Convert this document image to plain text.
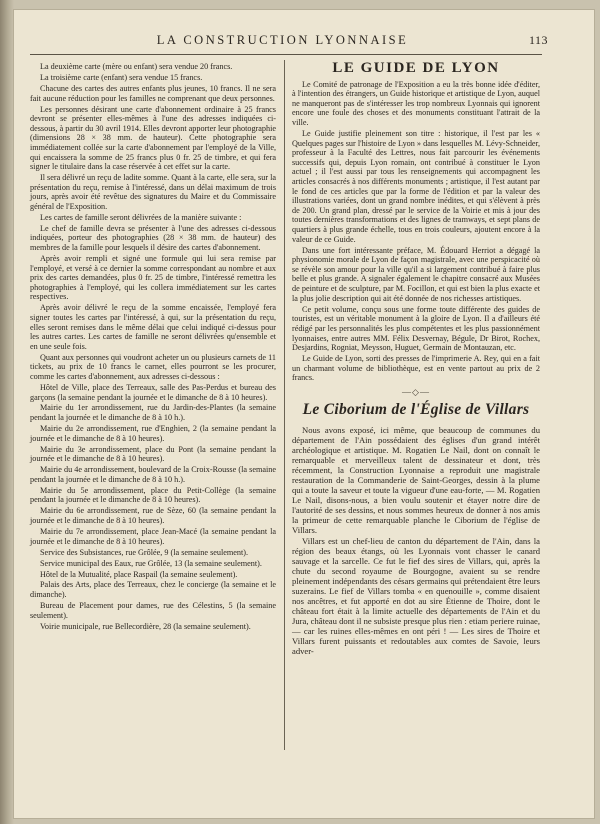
LA CONSTRUCTION LYONNAISE	113

La deuxième carte (mère ou enfant) sera vendue 20 francs.

La troisième carte (enfant) sera vendue 15 francs.

Chacune des cartes des autres enfants plus jeunes, 10 francs. Il ne sera fait aucune réduction pour les familles ne comprenant que deux personnes.

Les personnes désirant une carte d'abonnement ordinaire à 25 francs devront se présenter elles-mêmes à l'une des adresses indiquées ci-dessous, à partir du 30 avril 1914. Elles devront apporter leur photographie (dimensions 28 × 38 mm. de hauteur). Cette photographie sera immédiatement collée sur la carte d'abonnement par l'employé de la Ville, qui encaissera la somme de 25 francs plus 0 fr. 25 de timbre, et qui fera signer le titulaire dans la case réservée à cet effet sur la carte.

Il sera délivré un reçu de ladite somme. Quant à la carte, elle sera, sur la présentation du reçu, remise à l'intéressé, dans un délai maximum de trois jours, après avoir été revêtue des signatures du Maire et du Commissaire général de l'Exposition.

Les cartes de famille seront délivrées de la manière suivante :

Le chef de famille devra se présenter à l'une des adresses ci-dessous indiquées, porteur des photographies (28 × 38 mm. de hauteur) des membres de la famille pour lesquels il désire des cartes d'abonnement.

Après avoir rempli et signé une formule qui lui sera remise par l'employé, et versé à ce dernier la somme correspondant au nombre et aux prix des cartes demandées, plus 0 fr. 25 de timbre, l'intéressé remettra les photographies à l'employé, qui les collera immédiatement sur les cartes respectives.

Après avoir délivré le reçu de la somme encaissée, l'employé fera signer toutes les cartes par l'intéressé, à qui, sur la présentation du reçu, elles seront remises dans le même délai que celui indiqué ci-dessus pour les autres cartes. Les cartes de famille ne seront délivrées qu'ensemble et en une seule fois.

Quant aux personnes qui voudront acheter un ou plusieurs carnets de 11 tickets, au prix de 10 francs le carnet, elles pourront se les procurer, comme les cartes d'abonnement, aux adresses ci-dessous :

Hôtel de Ville, place des Terreaux, salle des Pas-Perdus et bureau des garçons (la semaine pendant la journée et le dimanche de 8 à 10 heures).

Mairie du 1er arrondissement, rue du Jardin-des-Plantes (la semaine pendant la journée et le dimanche de 8 à 10 h.).

Mairie du 2e arrondissement, rue d'Enghien, 2 (la semaine pendant la journée et le dimanche de 8 à 10 heures).

Mairie du 3e arrondissement, place du Pont (la semaine pendant la journée et le dimanche de 8 à 10 heures).

Mairie du 4e arrondissement, boulevard de la Croix-Rousse (la semaine pendant la journée et le dimanche de 8 à 10 h.).

Mairie du 5e arrondissement, place du Petit-Collège (la semaine pendant la journée et le dimanche de 8 à 10 heures).

Mairie du 6e arrondissement, rue de Sèze, 60 (la semaine pendant la journée et le dimanche de 8 à 10 heures).

Mairie du 7e arrondissement, place Jean-Macé (la semaine pendant la journée et le dimanche de 8 à 10 heures).

Service des Subsistances, rue Grôlée, 9 (la semaine seulement).

Service municipal des Eaux, rue Grôlée, 13 (la semaine seulement).

Hôtel de la Mutualité, place Raspail (la semaine seulement).

Palais des Arts, place des Terreaux, chez le concierge (la semaine et le dimanche).

Bureau de Placement pour dames, rue des Célestins, 5 (la semaine seulement).

Voirie municipale, rue Bellecordière, 28 (la semaine seulement).

LE GUIDE DE LYON

Le Comité de patronage de l'Exposition a eu la très bonne idée d'éditer, à l'intention des étrangers, un Guide historique et artistique de Lyon, auquel ne manqueront pas de s'intéresser les trop nombreux Lyonnais qui ignorent encore une foule des choses et des monuments constituant l'attrait de la ville.

Le Guide justifie pleinement son titre : historique, il l'est par les « Quelques pages sur l'histoire de Lyon » dans lesquelles M. Lévy-Schneider, professeur à la Faculté des Lettres, nous fait parcourir les événements successifs qui, depuis Lyon romain, ont contribué à constituer le Lyon actuel ; il l'est aussi par tous les renseignements qui accompagnent les articles consacrés à nos différents monuments ; artistique, il l'est autant par le fond de ces articles que par la forme de l'édition et par la valeur des illustrations variées, dont un grand nombre inédites, et qui s'élèvent à près de 200. Un grand plan, dressé par le service de la Voirie et mis à jour des toutes dernières transformations et des lignes de tramways, et sept plans de quartiers à plus grande échelle, tous en trois couleurs, ajoutent encore à la valeur de ce Guide.

Dans une fort intéressante préface, M. Édouard Herriot a dégagé la physionomie morale de Lyon de façon magistrale, avec une perspicacité où se révèle son amour pour la ville qu'il a si largement contribué à faire plus belle et plus grande. A signaler également le chapitre consacré aux Musées de peinture et de sculpture, par M. Focillon, et qui est bien la plus exacte et la plus jolie description qui ait été donnée de nos richesses artistiques.

Ce petit volume, conçu sous une forme toute différente des guides de touristes, est un véritable monument à la gloire de Lyon. Il a d'ailleurs été rédigé par les personnalités les plus compétentes et les plus passionnément lyonnaises, entre autres MM. Félix Desvernay, Bégule, Dr Birot, Rochex, Desjardins, Rogniat, Meysson, Huguet, Germain de Montauzan, etc.

Le Guide de Lyon, sorti des presses de l'imprimerie A. Rey, qui en a fait un charmant volume de bibliothèque, est en vente partout au prix de 2 francs.

—◇—
Le Ciborium de l'Église de Villars

Nous avons exposé, ici même, que beaucoup de communes du département de l'Ain possédaient des églises d'un grand intérêt archéologique et artistique. M. Rogatien Le Nail, dont on connaît le remarquable et merveilleux talent de dessinateur et dont, très récemment, la Construction Lyonnaise a reproduit une magistrale restauration de la Commanderie de Saint-Georges, dessin à la plume qui a toute la saveur et toute la vigueur d'une eau-forte, — M. Rogatien Le Nail, disons-nous, a bien voulu soutenir et étayer notre dire de l'autorité de ses dessins, et nous sommes heureux de donner à nos amis la primeur de cette remarquable planche le Ciborium de l'église de Villars.

Villars est un chef-lieu de canton du département de l'Ain, dans la région des beaux étangs, où les Lyonnais vont chasser le canard sauvage et la sarcelle. Ce fut le fief des sires de Villars, qui, après la chute du second royaume de Bourgogne, avaient su se rendre pleinement indépendants des césars germains qui prétendaient être leurs suzerains. Le fief de Villars tomba « en quenouille », comme disaient nos ancêtres, et fut apporté en dot au sire Étienne de Thoire, dont le château fort était à la limite actuelle des départements de l'Ain et du Jura, château dont il ne subsiste presque plus rien : etiam periere ruinae, — car les ruines elles-mêmes en ont péri ! — Les sires de Thoire et Villars furent puissants et redoutables aux comtes de Savoie, leurs adver-
